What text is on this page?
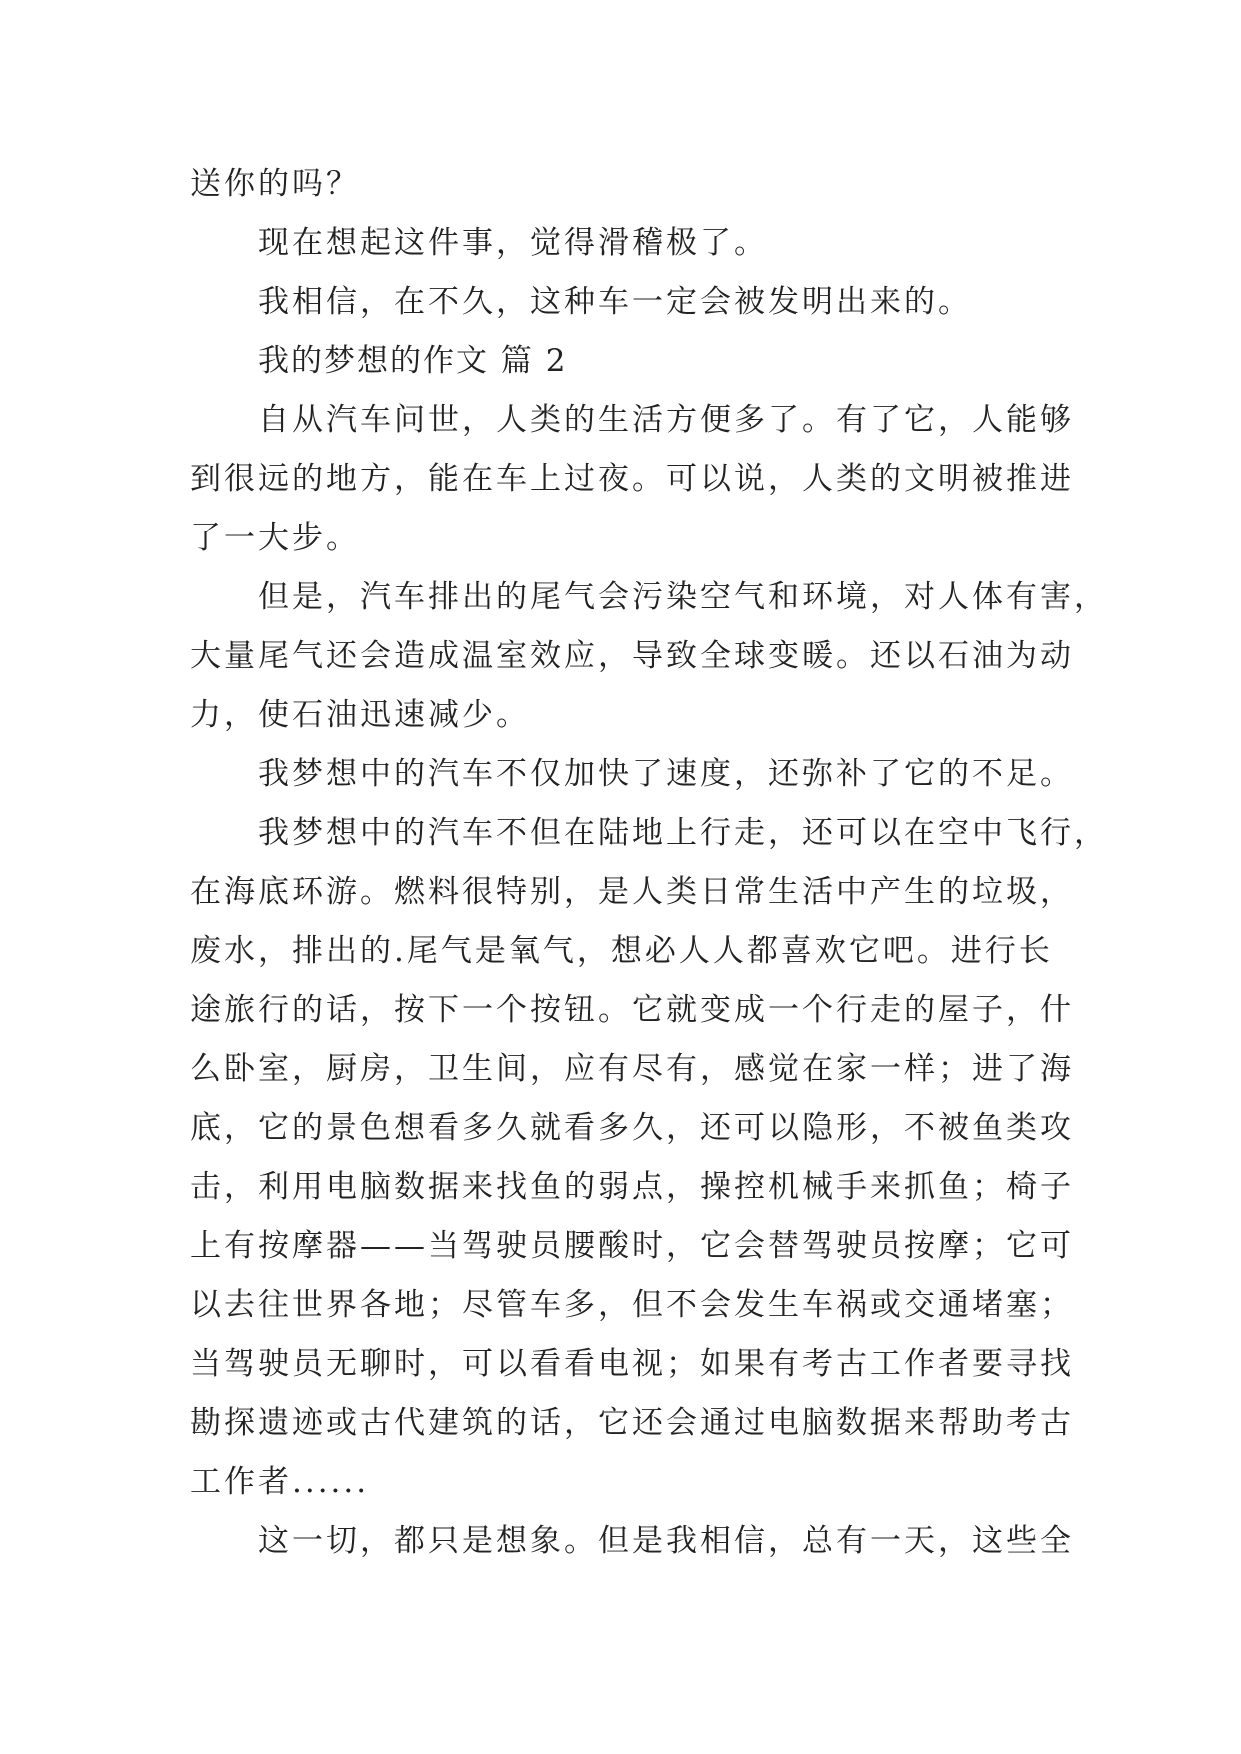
送你的吗？

现在想起这件事，觉得滑稽极了。

我相信，在不久，这种车一定会被发明出来的。

我的梦想的作文 篇 2

自从汽车问世，人类的生活方便多了。有了它，人能够

到很远的地方，能在车上过夜。可以说，人类的文明被推进

了一大步。

但是，汽车排出的尾气会污染空气和环境，对人体有害，

大量尾气还会造成温室效应，导致全球变暖。还以石油为动

力，使石油迅速减少。

我梦想中的汽车不仅加快了速度，还弥补了它的不足。

我梦想中的汽车不但在陆地上行走，还可以在空中飞行，

在海底环游。燃料很特别，是人类日常生活中产生的垃圾，

废水，排出的.尾气是氧气，想必人人都喜欢它吧。进行长

途旅行的话，按下一个按钮。它就变成一个行走的屋子，什

么卧室，厨房，卫生间，应有尽有，感觉在家一样；进了海

底，它的景色想看多久就看多久，还可以隐形，不被鱼类攻

击，利用电脑数据来找鱼的弱点，操控机械手来抓鱼；椅子

上有按摩器——当驾驶员腰酸时，它会替驾驶员按摩；它可

以去往世界各地；尽管车多，但不会发生车祸或交通堵塞；

当驾驶员无聊时，可以看看电视；如果有考古工作者要寻找

勘探遗迹或古代建筑的话，它还会通过电脑数据来帮助考古

工作者......

这一切，都只是想象。但是我相信，总有一天，这些全
